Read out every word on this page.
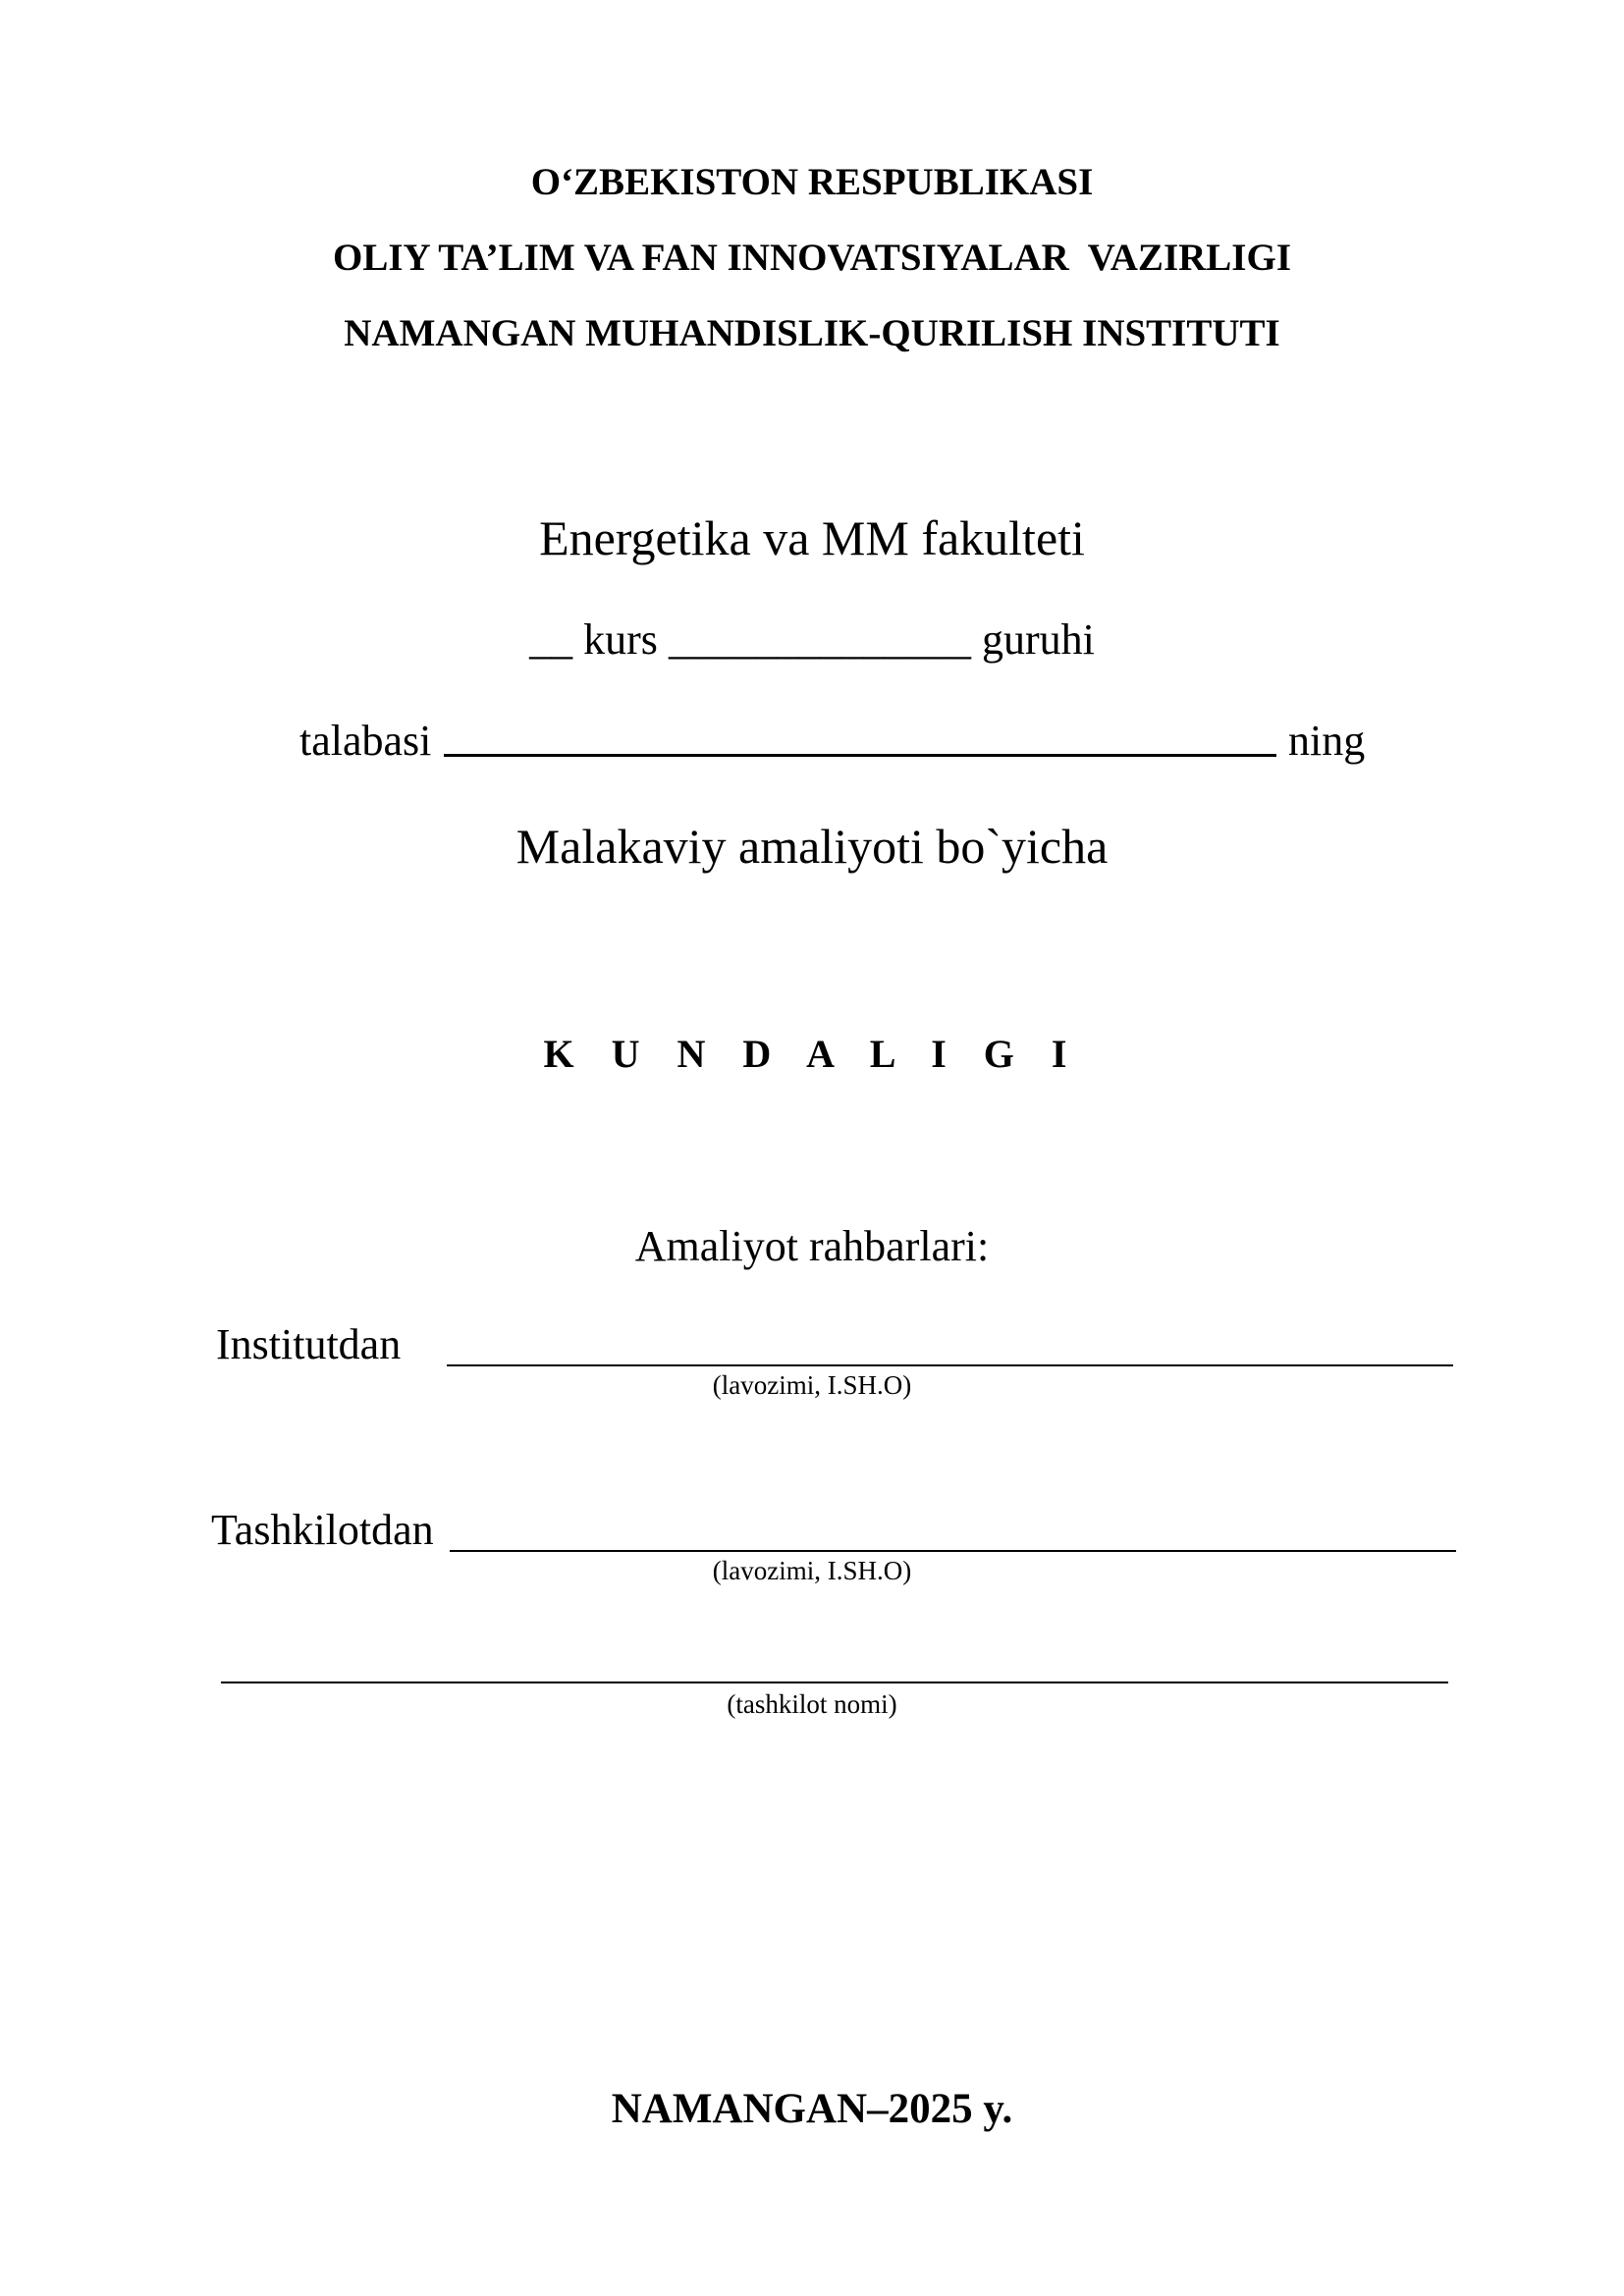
O‘ZBEKISTON RESPUBLIKASI
OLIY TA’LIM VA FAN INNOVATSIYALAR  VAZIRLIGI
NAMANGAN MUHANDISLIK-QURILISH INSTITUTI
Energetika va MM fakulteti
__ kurs ______________ guruhi
talabasi	ning
Malakaviy amaliyoti bo`yicha
K U N D A L I G I
Amaliyot rahbarlari:
Institutdan
(lavozimi, I.SH.O)
Tashkilotdan
(lavozimi, I.SH.O)
(tashkilot nomi)
NAMANGAN–2025 y.
